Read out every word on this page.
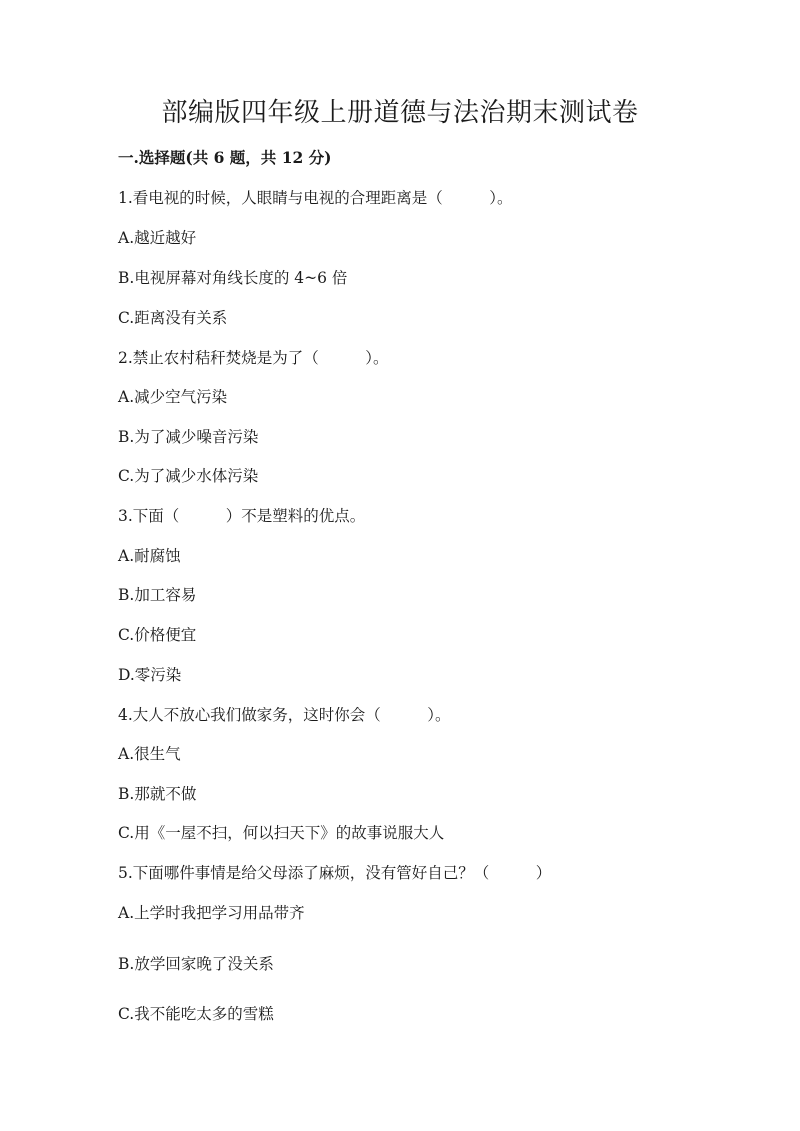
部编版四年级上册道德与法治期末测试卷
一.选择题(共 6 题，共 12 分)
1.看电视的时候，人眼睛与电视的合理距离是（　　　）。
A.越近越好
B.电视屏幕对角线长度的 4~6 倍
C.距离没有关系
2.禁止农村秸秆焚烧是为了（　　　）。
A.减少空气污染
B.为了减少噪音污染
C.为了减少水体污染
3.下面（　　　）不是塑料的优点。
A.耐腐蚀
B.加工容易
C.价格便宜
D.零污染
4.大人不放心我们做家务，这时你会（　　　）。
A.很生气
B.那就不做
C.用《一屋不扫，何以扫天下》的故事说服大人
5.下面哪件事情是给父母添了麻烦，没有管好自己？（　　　）
A.上学时我把学习用品带齐
B.放学回家晚了没关系
C.我不能吃太多的雪糕
